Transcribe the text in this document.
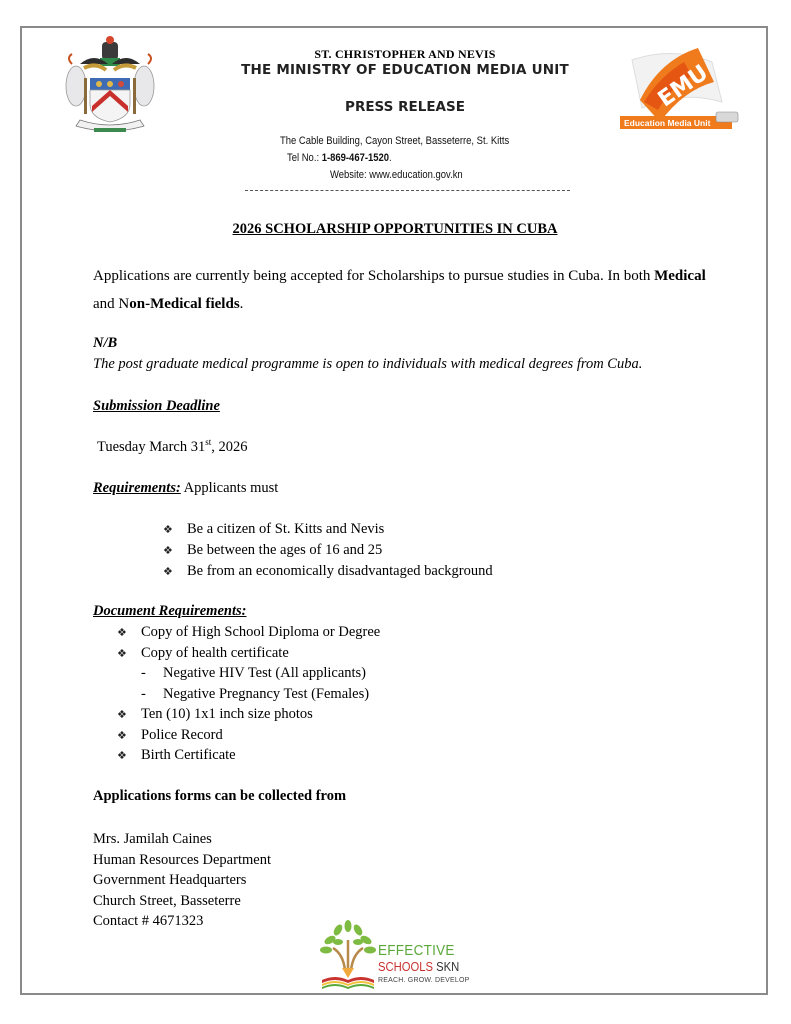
ST. CHRISTOPHER AND NEVIS
THE MINISTRY OF EDUCATION MEDIA UNIT
PRESS RELEASE
The Cable Building, Cayon Street, Basseterre, St. Kitts
Tel No.: 1-869-467-1520.
Website: www.education.gov.kn
EMU
Education Media Unit
2026 SCHOLARSHIP OPPORTUNITIES IN CUBA
Applications are currently being accepted for Scholarships to pursue studies in Cuba. In both Medical and Non-Medical fields.
N/B
The post graduate medical programme is open to individuals with medical degrees from Cuba.
Submission Deadline
Tuesday March 31st, 2026
Requirements: Applicants must
❖ Be a citizen of St. Kitts and Nevis
❖ Be between the ages of 16 and 25
❖ Be from an economically disadvantaged background
Document Requirements:
❖ Copy of High School Diploma or Degree
❖ Copy of health certificate
- Negative HIV Test (All applicants)
- Negative Pregnancy Test (Females)
❖ Ten (10) 1x1 inch size photos
❖ Police Record
❖ Birth Certificate
Applications forms can be collected from
Mrs. Jamilah Caines
Human Resources Department
Government Headquarters
Church Street, Basseterre
Contact # 4671323
EFFECTIVE
SCHOOLS SKN
REACH. GROW. DEVELOP
